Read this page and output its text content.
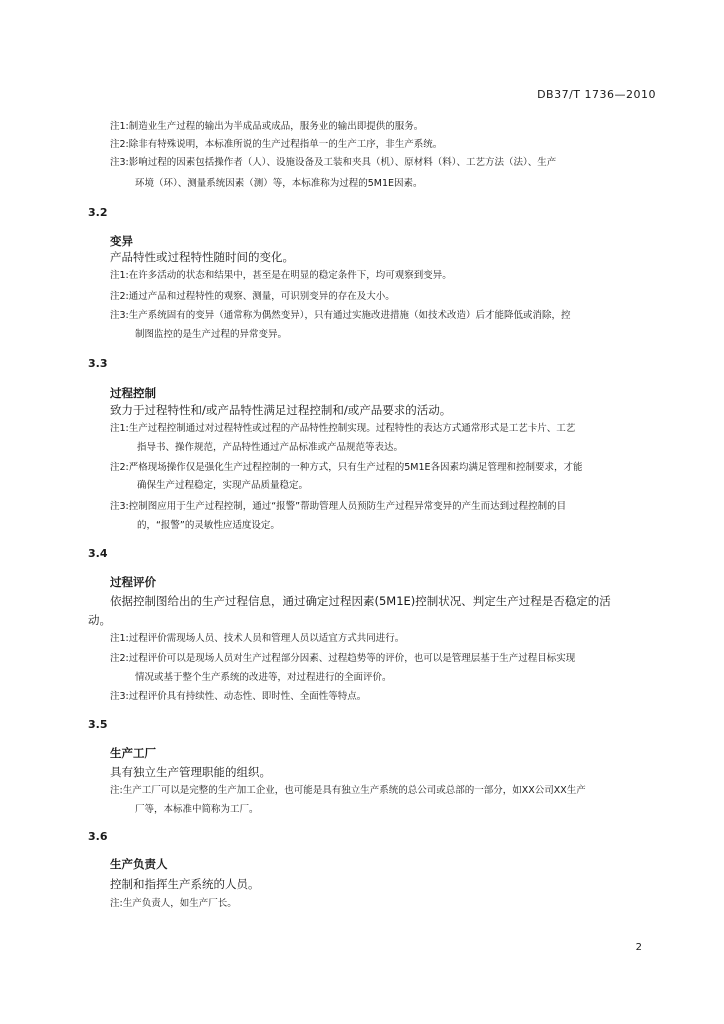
DB37/T 1736—2010
注1:制造业生产过程的输出为半成品或成品，服务业的输出即提供的服务。
注2:除非有特殊说明，本标准所说的生产过程指单一的生产工序，非生产系统。
注3:影响过程的因素包括操作者（人）、设施设备及工装和夹具（机）、原材料（料）、工艺方法（法）、生产
环境（环）、测量系统因素（测）等，本标准称为过程的5M1E因素。
3.2
变异
产品特性或过程特性随时间的变化。
注1:在许多活动的状态和结果中，甚至是在明显的稳定条件下，均可观察到变异。
注2:通过产品和过程特性的观察、测量，可识别变异的存在及大小。
注3:生产系统固有的变异（通常称为偶然变异），只有通过实施改进措施（如技术改造）后才能降低或消除，控
制图监控的是生产过程的异常变异。
3.3
过程控制
致力于过程特性和/或产品特性满足过程控制和/或产品要求的活动。
注1:生产过程控制通过对过程特性或过程的产品特性控制实现。过程特性的表达方式通常形式是工艺卡片、工艺
指导书、操作规范，产品特性通过产品标准或产品规范等表达。
注2:严格现场操作仅是强化生产过程控制的一种方式，只有生产过程的5M1E各因素均满足管理和控制要求，才能
确保生产过程稳定，实现产品质量稳定。
注3:控制图应用于生产过程控制，通过“报警”帮助管理人员预防生产过程异常变异的产生而达到过程控制的目
的，“报警”的灵敏性应适度设定。
3.4
过程评价
依据控制图给出的生产过程信息，通过确定过程因素(5M1E)控制状况、判定生产过程是否稳定的活
动。
注1:过程评价需现场人员、技术人员和管理人员以适宜方式共同进行。
注2:过程评价可以是现场人员对生产过程部分因素、过程趋势等的评价，也可以是管理层基于生产过程目标实现
情况或基于整个生产系统的改进等，对过程进行的全面评价。
注3:过程评价具有持续性、动态性、即时性、全面性等特点。
3.5
生产工厂
具有独立生产管理职能的组织。
注:生产工厂可以是完整的生产加工企业，也可能是具有独立生产系统的总公司或总部的一部分，如XX公司XX生产
厂等，本标准中简称为工厂。
3.6
生产负责人
控制和指挥生产系统的人员。
注:生产负责人，如生产厂长。
2
